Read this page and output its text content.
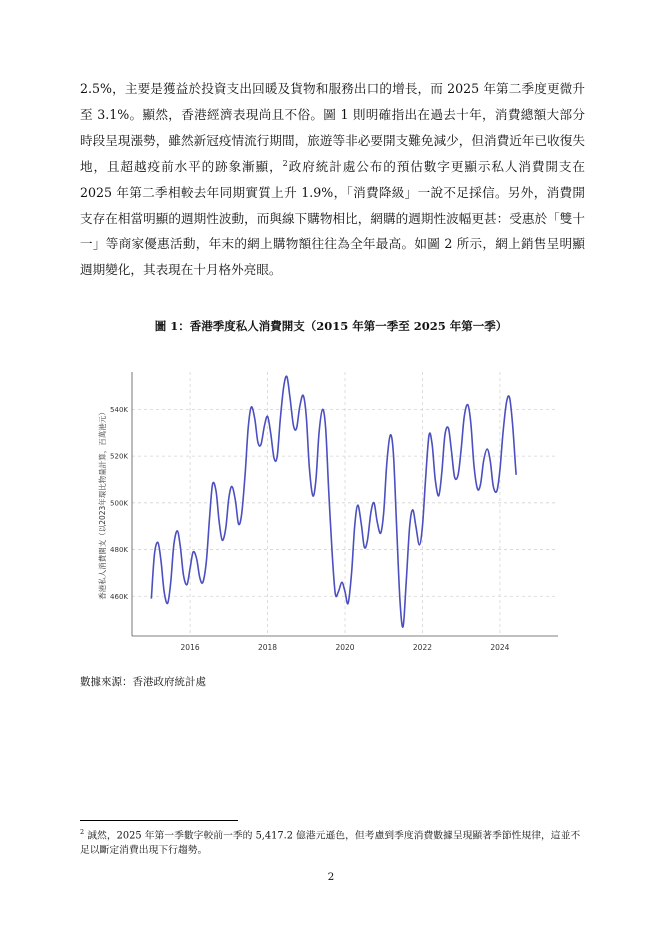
2.5%，主要是獲益於投資支出回暖及貨物和服務出口的增長，而 2025 年第二季度更微升至 3.1%。顯然，香港經濟表現尚且不俗。圖 1 則明確指出在過去十年，消費總額大部分時段呈現漲勢，雖然新冠疫情流行期間，旅遊等非必要開支難免減少，但消費近年已收復失地，且超越疫前水平的跡象漸顯，$^2$政府統計處公布的預估數字更顯示私人消費開支在 2025 年第二季相較去年同期實質上升 1.9%，「消費降級」一說不足採信。另外，消費開支存在相當明顯的週期性波動，而與線下購物相比，網購的週期性波幅更甚：受惠於「雙十一」等商家優惠活動，年末的網上購物額往往為全年最高。如圖 2 所示，網上銷售呈明顯週期變化，其表現在十月格外亮眼。

圖 1：香港季度私人消費開支（2015 年第一季至 2025 年第一季）

2016	2018	2020	2022	2024
460K
480K
500K
520K
540K
香港私人消費開支（以2023年環比物量計算，百萬港元）

數據來源：香港政府統計處

$^2$ 誠然，2025 年第一季數字較前一季的 5,417.2 億港元遜色，但考慮到季度消費數據呈現顯著季節性規律，這並不足以斷定消費出現下行趨勢。

2
